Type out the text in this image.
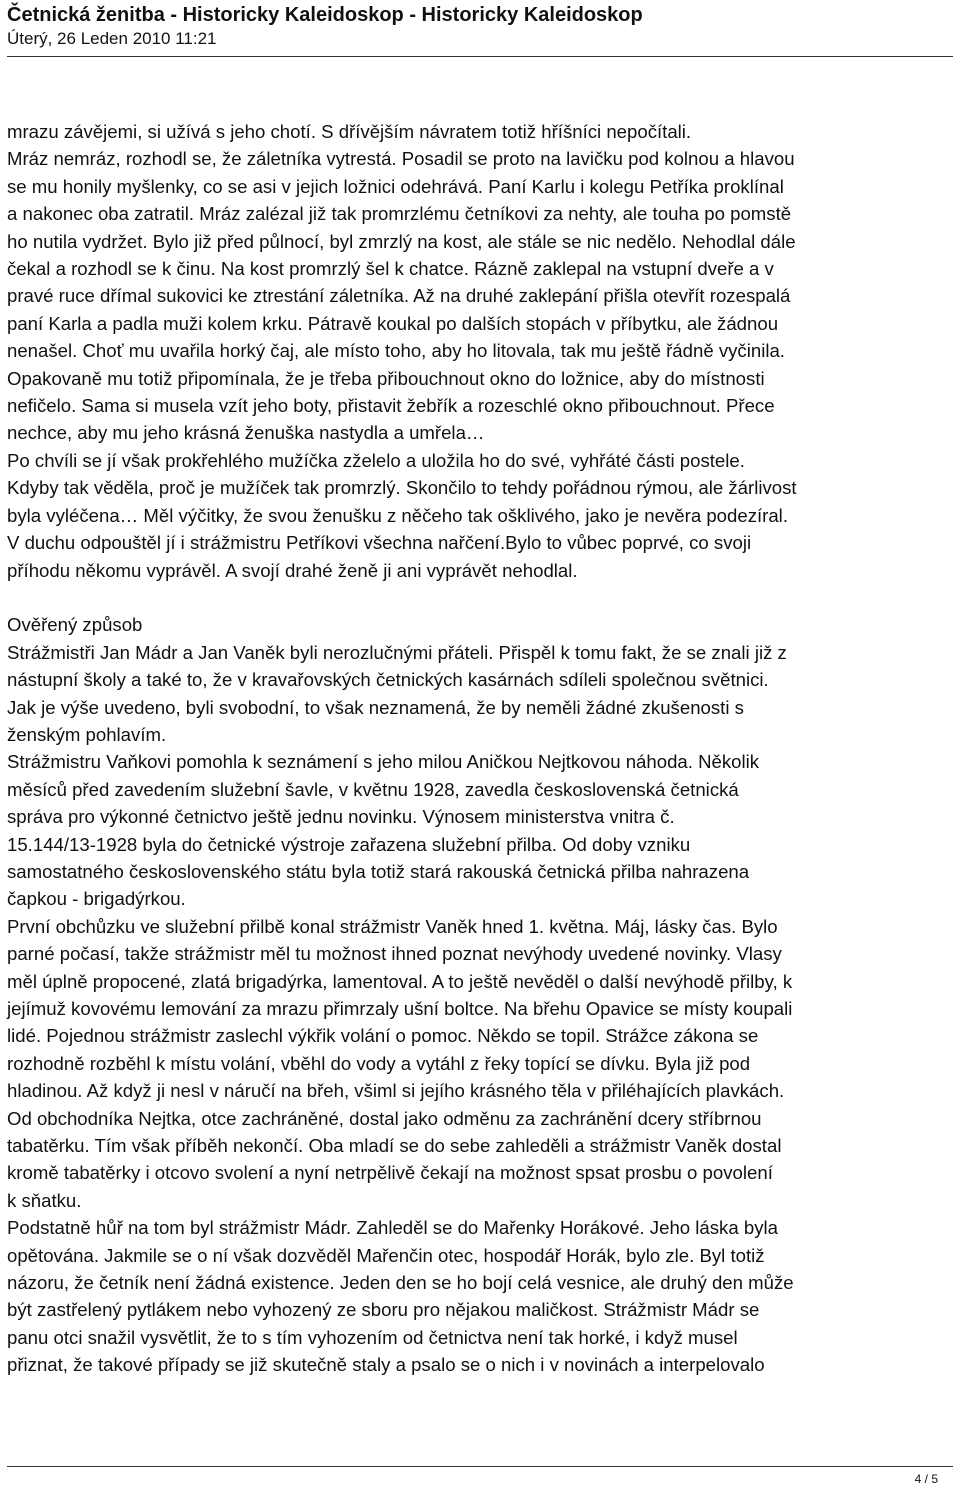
Četnická ženitba - Historicky Kaleidoskop - Historicky Kaleidoskop
Úterý, 26 Leden 2010 11:21

mrazu závějemi, si užívá s jeho chotí. S dřívějším návratem totiž hříšníci nepočítali.
Mráz nemráz, rozhodl se, že záletníka vytrestá. Posadil se proto na lavičku pod kolnou a hlavou
se mu honily myšlenky, co se asi v jejich ložnici odehrává. Paní Karlu i kolegu Petříka proklínal
a nakonec oba zatratil. Mráz zalézal již tak promrzlému četníkovi za nehty, ale touha po pomstě
ho nutila vydržet. Bylo již před půlnocí, byl zmrzlý na kost, ale stále se nic nedělo. Nehodlal dále
čekal a rozhodl se k činu. Na kost promrzlý šel k chatce. Rázně zaklepal na vstupní dveře a v
pravé ruce dřímal sukovici ke ztrestání záletníka. Až na druhé zaklepání přišla otevřít rozespalá
paní Karla a padla muži kolem krku. Pátravě koukal po dalších stopách v příbytku, ale žádnou
nenašel. Choť mu uvařila horký čaj, ale místo toho, aby ho litovala, tak mu ještě řádně vyčinila.
Opakovaně mu totiž připomínala, že je třeba přibouchnout okno do ložnice, aby do místnosti
nefičelo. Sama si musela vzít jeho boty, přistavit žebřík a rozeschlé okno přibouchnout. Přece
nechce, aby mu jeho krásná ženuška nastydla a umřela…
Po chvíli se jí však prokřehlého mužíčka zželelo a uložila ho do své, vyhřáté části postele.
Kdyby tak věděla, proč je mužíček tak promrzlý. Skončilo to tehdy pořádnou rýmou, ale žárlivost
byla vyléčena… Měl výčitky, že svou ženušku z něčeho tak ošklivého, jako je nevěra podezíral.
V duchu odpouštěl jí i strážmistru Petříkovi všechna nařčení.Bylo to vůbec poprvé, co svoji
příhodu někomu vyprávěl. A svojí drahé ženě ji ani vyprávět nehodlal.

Ověřený způsob
Strážmistři Jan Mádr a Jan Vaněk byli nerozlučnými přáteli. Přispěl k tomu fakt, že se znali již z
nástupní školy a také to, že v kravařovských četnických kasárnách sdíleli společnou světnici.
Jak je výše uvedeno, byli svobodní, to však neznamená, že by neměli žádné zkušenosti s
ženským pohlavím.
Strážmistru Vaňkovi pomohla k seznámení s jeho milou Aničkou Nejtkovou náhoda. Několik
měsíců před zavedením služební šavle, v květnu 1928, zavedla československá četnická
správa pro výkonné četnictvo ještě jednu novinku. Výnosem ministerstva vnitra č.
15.144/13-1928 byla do četnické výstroje zařazena služební přilba. Od doby vzniku
samostatného československého státu byla totiž stará rakouská četnická přilba nahrazena
čapkou - brigadýrkou.
První obchůzku ve služební přilbě konal strážmistr Vaněk hned 1. května. Máj, lásky čas. Bylo
parné počasí, takže strážmistr měl tu možnost ihned poznat nevýhody uvedené novinky. Vlasy
měl úplně propocené, zlatá brigadýrka, lamentoval. A to ještě nevěděl o další nevýhodě přilby, k
jejímuž kovovému lemování za mrazu přimrzaly ušní boltce. Na břehu Opavice se místy koupali
lidé. Pojednou strážmistr zaslechl výkřik volání o pomoc. Někdo se topil. Strážce zákona se
rozhodně rozběhl k místu volání, vběhl do vody a vytáhl z řeky topící se dívku. Byla již pod
hladinou. Až když ji nesl v náručí na břeh, všiml si jejího krásného těla v přiléhajících plavkách.
Od obchodníka Nejtka, otce zachráněné, dostal jako odměnu za zachránění dcery stříbrnou
tabatěrku. Tím však příběh nekončí. Oba mladí se do sebe zahleděli a strážmistr Vaněk dostal
kromě tabatěrky i otcovo svolení a nyní netrpělivě čekají na možnost spsat prosbu o povolení
k sňatku.
Podstatně hůř na tom byl strážmistr Mádr. Zahleděl se do Mařenky Horákové. Jeho láska byla
opětována. Jakmile se o ní však dozvěděl Mařenčin otec, hospodář Horák, bylo zle. Byl totiž
názoru, že četník není žádná existence. Jeden den se ho bojí celá vesnice, ale druhý den může
být zastřelený pytlákem nebo vyhozený ze sboru pro nějakou maličkost. Strážmistr Mádr se
panu otci snažil vysvětlit, že to s tím vyhozením od četnictva není tak horké, i když musel
přiznat, že takové případy se již skutečně staly a psalo se o nich i v novinách a interpelovalo

4 / 5
